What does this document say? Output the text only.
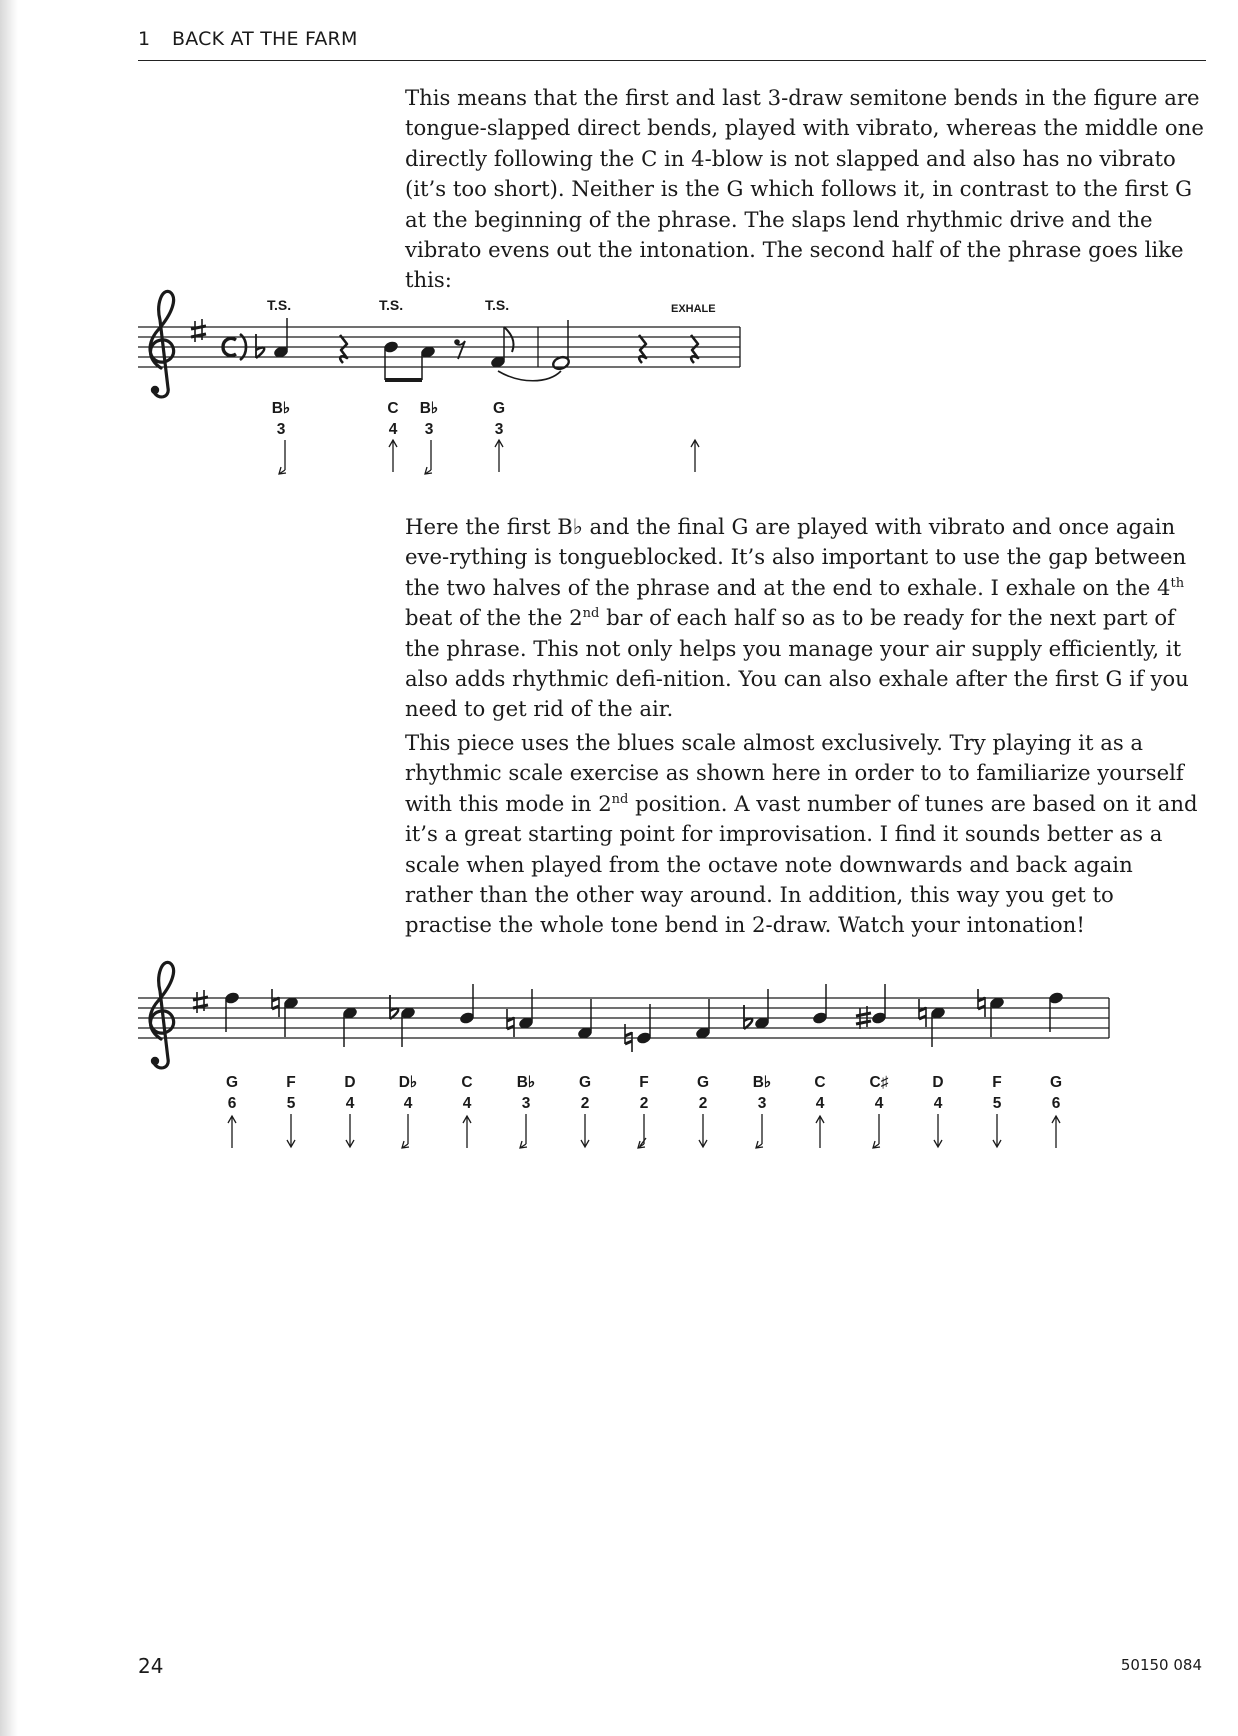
1 BACK AT THE FARM

This means that the first and last 3-draw semitone bends in the figure are tongue-slapped direct bends, played with vibrato, whereas the middle one directly following the C in 4-blow is not slapped and also has no vibrato (it’s too short). Neither is the G which follows it, in contrast to the first G at the beginning of the phrase. The slaps lend rhythmic drive and the vibrato evens out the intonation. The second half of the phrase goes like this:

T.S.	T.S.	T.S.	EXHALE
B♭
3
C
4
B♭
3
G
3
G	F	D	D♭	C	B♭	G	F	G	B♭	C	C♯	D	F	G
6	5	4	4	4	3	2	2	2	3	4	4	4	5	6

Here the first B♭ and the final G are played with vibrato and once again eve-rything is tongueblocked. It’s also important to use the gap between the two halves of the phrase and at the end to exhale. I exhale on the 4th beat of the the 2nd bar of each half so as to be ready for the next part of the phrase. This not only helps you manage your air supply efficiently, it also adds rhythmic defi-nition. You can also exhale after the first G if you need to get rid of the air.

This piece uses the blues scale almost exclusively. Try playing it as a rhythmic scale exercise as shown here in order to to familiarize yourself with this mode in 2nd position. A vast number of tunes are based on it and it’s a great starting point for improvisation. I find it sounds better as a scale when played from the octave note downwards and back again rather than the other way around. In addition, this way you get to practise the whole tone bend in 2-draw. Watch your intonation!

24	50150 084
